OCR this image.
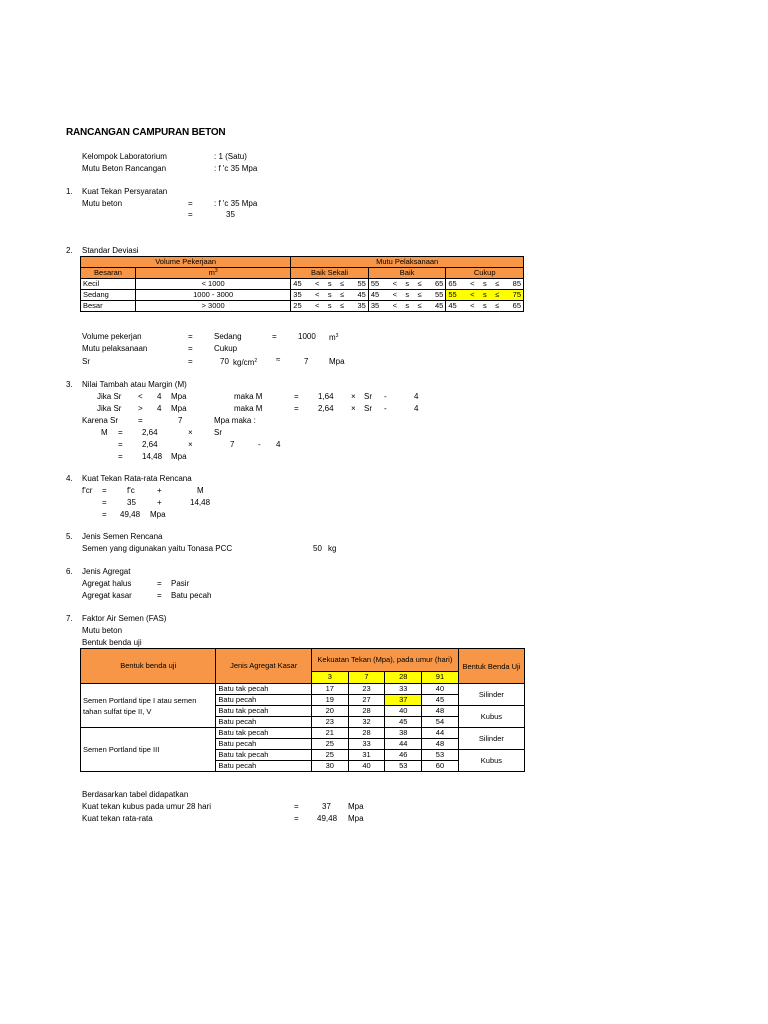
RANCANGAN CAMPURAN BETON
Kelompok Laboratorium	: 1 (Satu)
Mutu Beton Rancangan	: f 'c 35 Mpa
1. Kuat Tekan Persyaratan
Mutu beton	=	: f 'c 35 Mpa
=	35
2. Standar Deviasi
Volume Pekerjaan		Mutu Pelaksanaan														
Besaran	$m^3$	Baik Sekali					Baik					Cukup				
Kecil	< 1000	45	<	s	≤	55	55	<	s	≤	65	65	<	s	≤	85
Sedang	1000 - 3000	35	<	s	≤	45	45	<	s	≤	55	55	<	s	≤	75
Besar	> 3000	25	<	s	≤	35	35	<	s	≤	45	45	<	s	≤	65
Volume pekerjan	=	Sedang	=	1000 $m^3$
Mutu pelaksanaan	=	Cukup
Sr	=	70 $kg/cm^2$ ≈	7	Mpa
3. Nilai Tambah atau Margin (M)
Jika Sr < 4 Mpa	maka M	= 1,64 × Sr -	4
Jika Sr > 4 Mpa	maka M	= 2,64 × Sr -	4
Karena Sr =	7	Mpa maka :
M = 2,64	×	Sr
= 2,64	×	7	- 4
= 14,48 Mpa
4. Kuat Tekan Rata-rata Rencana
f'cr =	f'c	+	M
=	35	+	14,48
= 49,48 Mpa
5. Jenis Semen Rencana
Semen yang digunakan yaitu Tonasa PCC	50 kg
6. Jenis Agregat
Agregat halus	= Pasir
Agregat kasar	= Batu pecah
7. Faktor Air Semen (FAS)
Mutu beton
Bentuk benda uji
Bentuk benda uji	Jenis Agregat Kasar	Kekuatan Tekan (Mpa), pada umur (hari)				Bentuk Benda Uji
		3	7	28	91	
Semen Portland tipe I atau semen tahan sulfat tipe II, V	Batu tak pecah	17	23	33	40	Silinder
	Batu pecah	19	27	37	45	
	Batu tak pecah	20	28	40	48	Kubus
	Batu pecah	23	32	45	54	
Semen Portland tipe III	Batu tak pecah	21	28	38	44	Silinder
	Batu pecah	25	33	44	48	
	Batu tak pecah	25	31	46	53	Kubus
	Batu pecah	30	40	53	60	
Berdasarkan tabel didapatkan
Kuat tekan kubus pada umur 28 hari	=	37 Mpa
Kuat tekan rata-rata	= 49,48 Mpa
